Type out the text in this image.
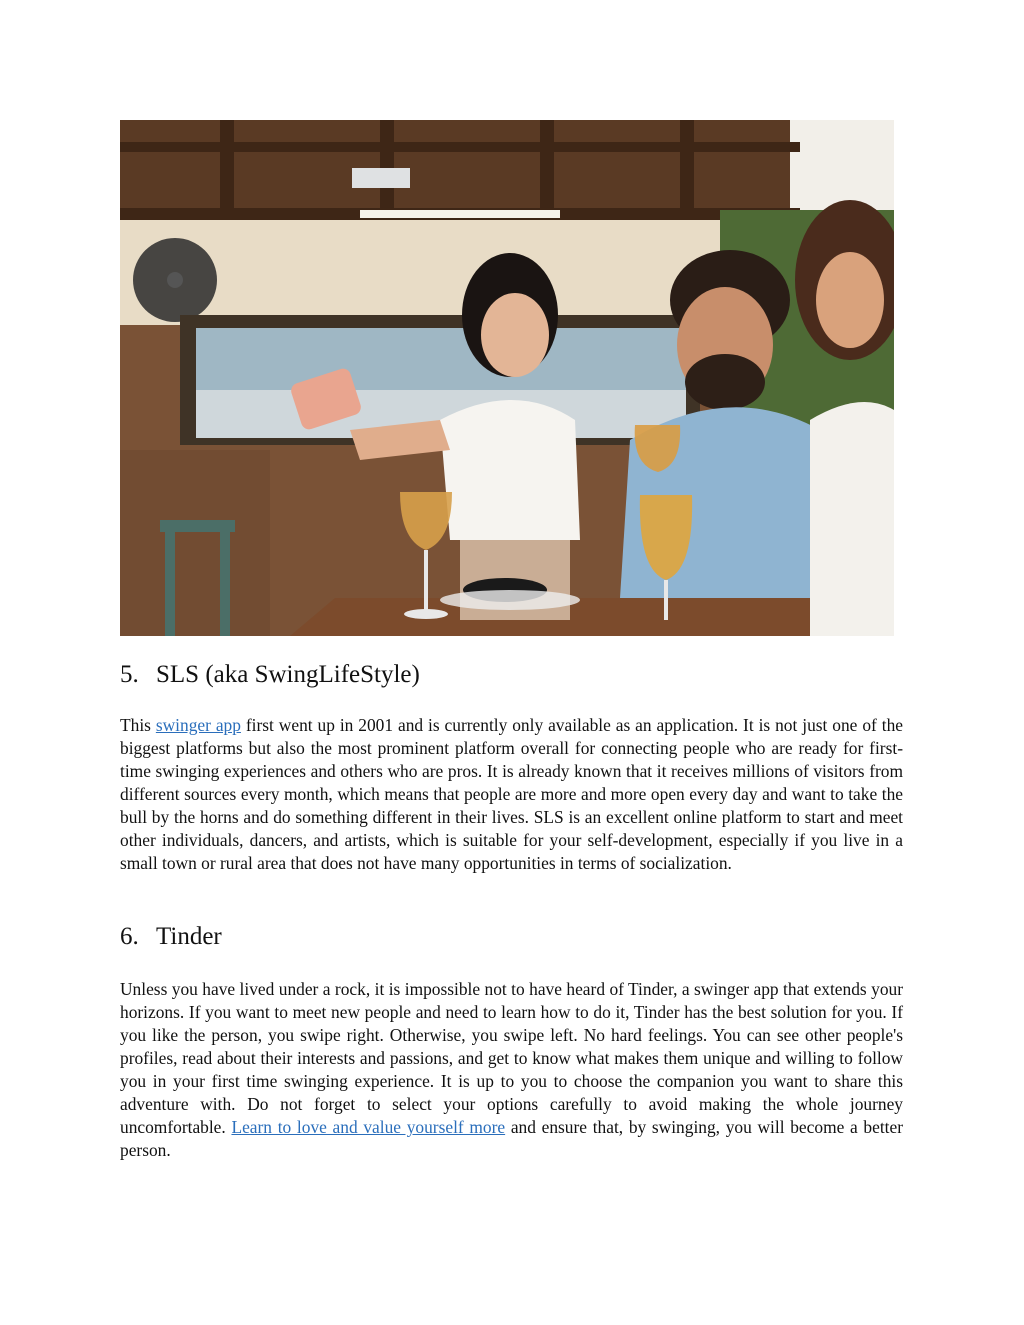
5. SLS (aka SwingLifeStyle)
This swinger app first went up in 2001 and is currently only available as an application. It is not just one of the biggest platforms but also the most prominent platform overall for connecting people who are ready for first-time swinging experiences and others who are pros. It is already known that it receives millions of visitors from different sources every month, which means that people are more and more open every day and want to take the bull by the horns and do something different in their lives. SLS is an excellent online platform to start and meet other individuals, dancers, and artists, which is suitable for your self-development, especially if you live in a small town or rural area that does not have many opportunities in terms of socialization.
6. Tinder
Unless you have lived under a rock, it is impossible not to have heard of Tinder, a swinger app that extends your horizons. If you want to meet new people and need to learn how to do it, Tinder has the best solution for you. If you like the person, you swipe right. Otherwise, you swipe left. No hard feelings. You can see other people's profiles, read about their interests and passions, and get to know what makes them unique and willing to follow you in your first time swinging experience. It is up to you to choose the companion you want to share this adventure with. Do not forget to select your options carefully to avoid making the whole journey uncomfortable. Learn to love and value yourself more and ensure that, by swinging, you will become a better person.
